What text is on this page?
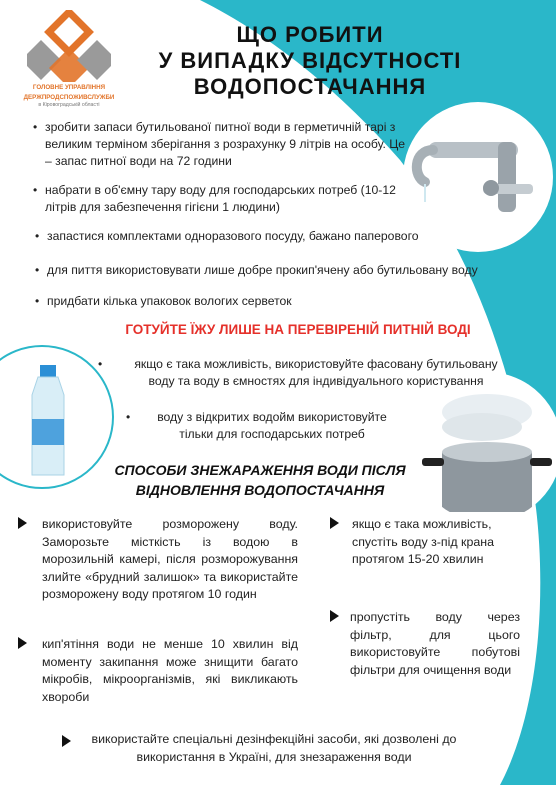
ГОЛОВНЕ УПРАВЛІННЯ
ДЕРЖПРОДСПОЖИВСЛУЖБИ
в Кіровоградській області
ЩО РОБИТИ
У ВИПАДКУ ВІДСУТНОСТІ
ВОДОПОСТАЧАННЯ
• зробити запаси бутильованої питної води в герметичній тарі з великим терміном зберігання з розрахунку 9 літрів на особу. Це – запас питної води на 72 години
• набрати в об'ємну тару воду для господарських потреб (10-12 літрів для забезпечення гігієни 1 людини)
• запастися комплектами одноразового посуду, бажано паперового
• для пиття використовувати лише добре прокип'ячену або бутильовану воду
• придбати кілька упаковок вологих серветок
ГОТУЙТЕ ЇЖУ ЛИШЕ НА ПЕРЕВІРЕНІЙ ПИТНІЙ ВОДІ
•	якщо є така можливість, використовуйте фасовану бутильовану воду та воду в ємностях для індивідуального користування
• воду з відкритих водойм використовуйте тільки для господарських потреб
СПОСОБИ ЗНЕЖАРАЖЕННЯ ВОДИ ПІСЛЯ
ВІДНОВЛЕННЯ ВОДОПОСТАЧАННЯ
використовуйте розморожену воду. Заморозьте місткість із водою в морозильній камері, після розморожування злийте «брудний залишок» та використайте розморожену воду протягом 10 годин
кип'ятіння води не менше 10 хвилин від моменту закипання може знищити багато мікробів, мікроорганізмів, які викликають хвороби
якщо є така можливість, спустіть воду з-під крана протягом 15-20 хвилин
пропустіть воду через фільтр, для цього використовуйте побутові фільтри для очищення води
використайте спеціальні дезінфекційні засоби, які дозволені до використання в Україні, для знезараження води
